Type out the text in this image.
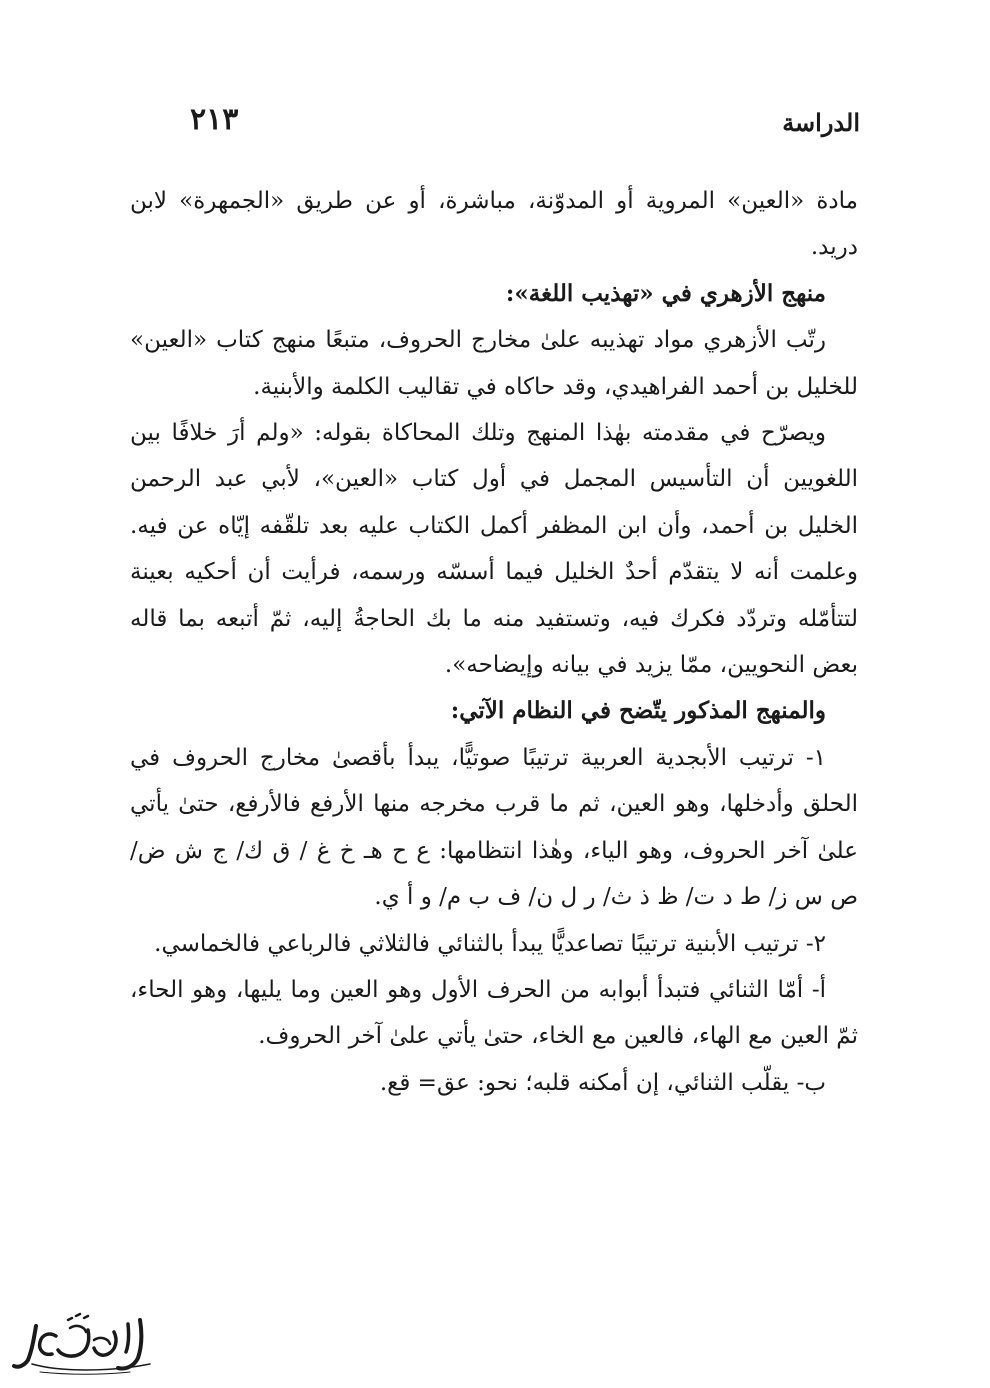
الدراسة
٢١٣

مادة «العين» المروية أو المدوّنة، مباشرة، أو عن طريق «الجمهرة» لابن دريد.

منهج الأزهري في «تهذيب اللغة»:

رتّب الأزهري مواد تهذيبه علىٰ مخارج الحروف، متبعًا منهج كتاب «العين» للخليل بن أحمد الفراهيدي، وقد حاكاه في تقاليب الكلمة والأبنية.

ويصرّح في مقدمته بهٰذا المنهج وتلك المحاكاة بقوله: «ولم أرَ خلافًا بين اللغويين أن التأسيس المجمل في أول كتاب «العين»، لأبي عبد الرحمن الخليل بن أحمد، وأن ابن المظفر أكمل الكتاب عليه بعد تلقّفه إيّاه عن فيه. وعلمت أنه لا يتقدّم أحدٌ الخليل فيما أسسّه ورسمه، فرأيت أن أحكيه بعينة لتتأمّله وتردّد فكرك فيه، وتستفيد منه ما بك الحاجةُ إليه، ثمّ أتبعه بما قاله بعض النحويين، ممّا يزيد في بيانه وإيضاحه».

والمنهج المذكور يتّضح في النظام الآتي:

١- ترتيب الأبجدية العربية ترتيبًا صوتيًّا، يبدأ بأقصىٰ مخارج الحروف في الحلق وأدخلها، وهو العين، ثم ما قرب مخرجه منها الأرفع فالأرفع، حتىٰ يأتي علىٰ آخر الحروف، وهو الياء، وهٰذا انتظامها: ع ح هـ خ غ / ق ك/ ج ش ض/ ص س ز/ ط د ت/ ظ ذ ث/ ر ل ن/ ف ب م/ و أ ي.

٢- ترتيب الأبنية ترتيبًا تصاعديًّا يبدأ بالثنائي فالثلاثي فالرباعي فالخماسي.

أ- أمّا الثنائي فتبدأ أبوابه من الحرف الأول وهو العين وما يليها، وهو الحاء، ثمّ العين مع الهاء، فالعين مع الخاء، حتىٰ يأتي علىٰ آخر الحروف.

ب- يقلّب الثنائي، إن أمكنه قلبه؛ نحو: عق= قع.
